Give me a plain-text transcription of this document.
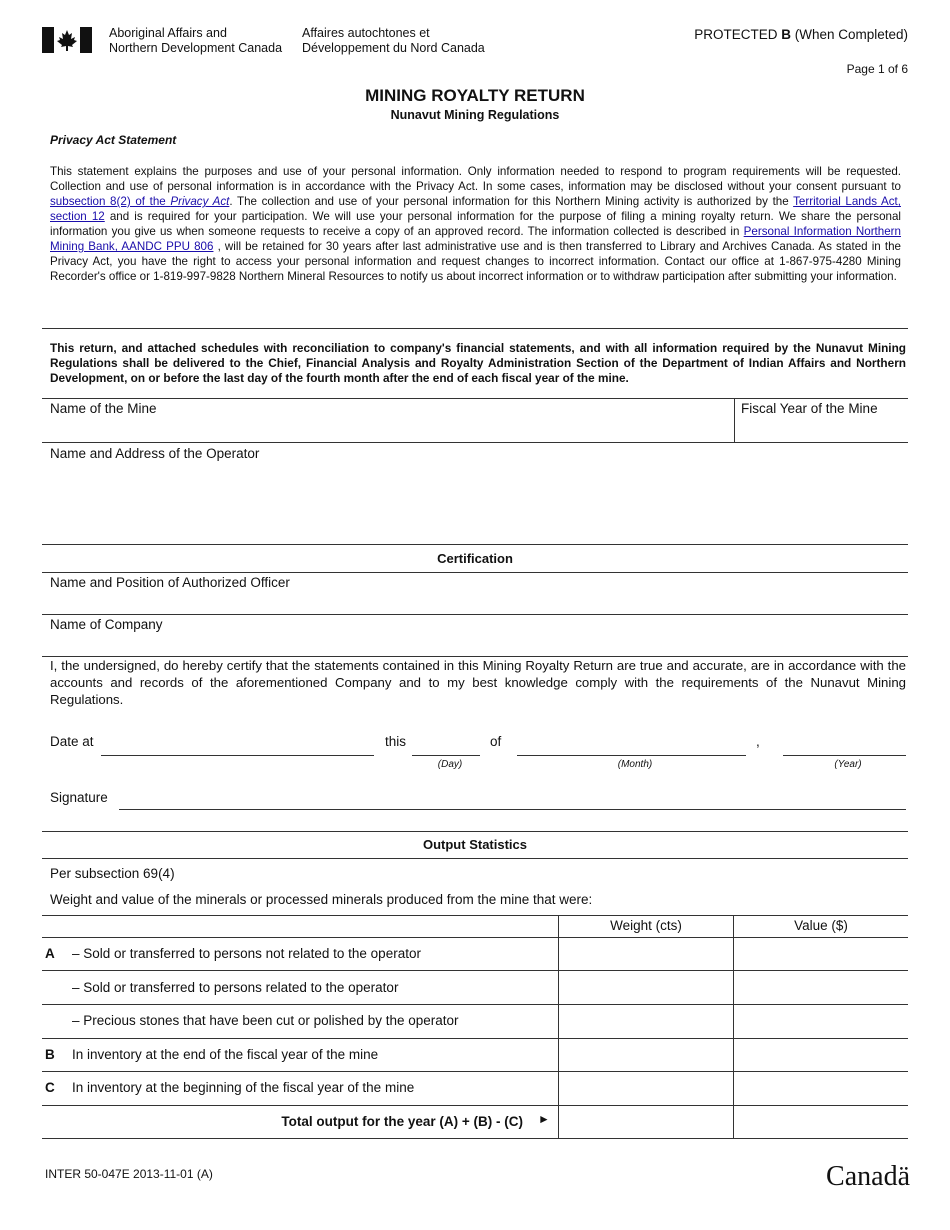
Aboriginal Affairs and
Northern Development Canada
Affaires autochtones et
Développement du Nord Canada
PROTECTED B (When Completed)
Page 1 of 6
MINING ROYALTY RETURN
Nunavut Mining Regulations
Privacy Act Statement
This statement explains the purposes and use of your personal information. Only information needed to respond to program requirements will be requested. Collection and use of personal information is in accordance with the Privacy Act. In some cases, information may be disclosed without your consent pursuant to subsection 8(2) of the Privacy Act. The collection and use of your personal information for this Northern Mining activity is authorized by the Territorial Lands Act, section 12 and is required for your participation. We will use your personal information for the purpose of filing a mining royalty return. We share the personal information you give us when someone requests to receive a copy of an approved record. The information collected is described in Personal Information Northern Mining Bank, AANDC PPU 806 , will be retained for 30 years after last administrative use and is then transferred to Library and Archives Canada. As stated in the Privacy Act, you have the right to access your personal information and request changes to incorrect information. Contact our office at 1-867-975-4280 Mining Recorder's office or 1-819-997-9828 Northern Mineral Resources to notify us about incorrect information or to withdraw participation after submitting your information.
This return, and attached schedules with reconciliation to company's financial statements, and with all information required by the Nunavut Mining Regulations shall be delivered to the Chief, Financial Analysis and Royalty Administration Section of the Department of Indian Affairs and Northern Development, on or before the last day of the fourth month after the end of each fiscal year of the mine.
Name of the Mine	Fiscal Year of the Mine
Name and Address of the Operator
Certification
Name and Position of Authorized Officer
Name of Company
I, the undersigned, do hereby certify that the statements contained in this Mining Royalty Return are true and accurate, are in accordance with the accounts and records of the aforementioned Company and to my best knowledge comply with the requirements of the Nunavut Mining Regulations.
Date at	this
(Day)
of
(Month)
,
(Year)
Signature
Output Statistics
Per subsection 69(4)
Weight and value of the minerals or processed minerals produced from the mine that were:
Weight (cts)	Value ($)
A – Sold or transferred to persons not related to the operator
– Sold or transferred to persons related to the operator
– Precious stones that have been cut or polished by the operator
B In inventory at the end of the fiscal year of the mine
C In inventory at the beginning of the fiscal year of the mine
Total output for the year (A) + (B) - (C) ►
INTER 50-047E 2013-11-01 (A)	Canadä
